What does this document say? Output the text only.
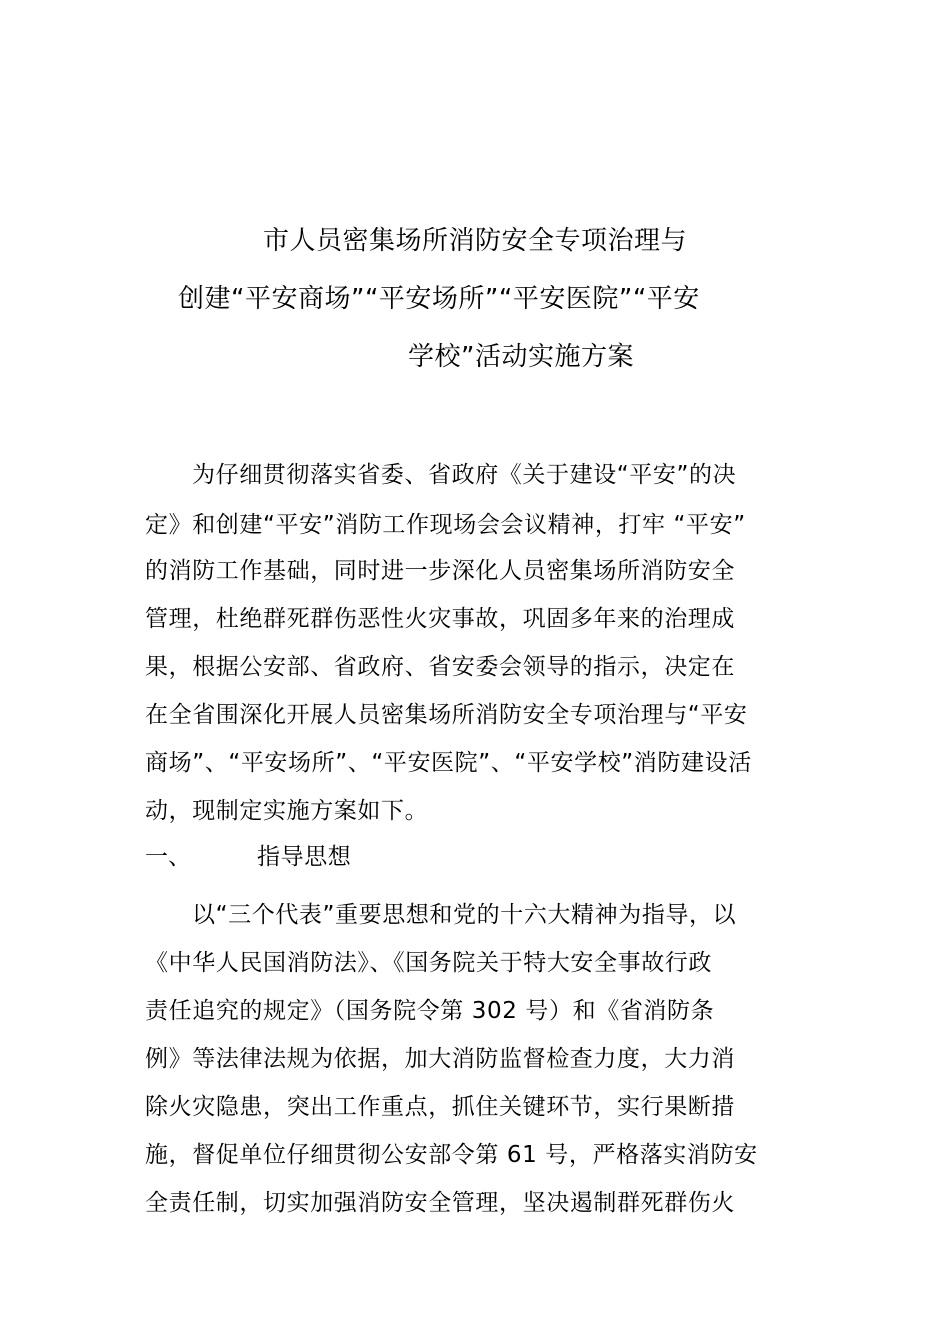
市人员密集场所消防安全专项治理与
创建“平安商场”“平安场所”“平安医院”“平安
学校”活动实施方案
为仔细贯彻落实省委、省政府《关于建设“平安”的决
定》和创建“平安”消防工作现场会会议精神，打牢 “平安”
的消防工作基础，同时进一步深化人员密集场所消防安全
管理，杜绝群死群伤恶性火灾事故，巩固多年来的治理成
果，根据公安部、省政府、省安委会领导的指示，决定在
在全省围深化开展人员密集场所消防安全专项治理与“平安
商场”、“平安场所”、“平安医院”、“平安学校”消防建设活
动，现制定实施方案如下。
一、	指导思想
以“三个代表”重要思想和党的十六大精神为指导，以
《中华人民国消防法》、《国务院关于特大安全事故行政
责任追究的规定》（国务院令第 302 号）和《省消防条
例》等法律法规为依据，加大消防监督检查力度，大力消
除火灾隐患，突出工作重点，抓住关键环节，实行果断措
施，督促单位仔细贯彻公安部令第 61 号，严格落实消防安
全责任制，切实加强消防安全管理，坚决遏制群死群伤火
